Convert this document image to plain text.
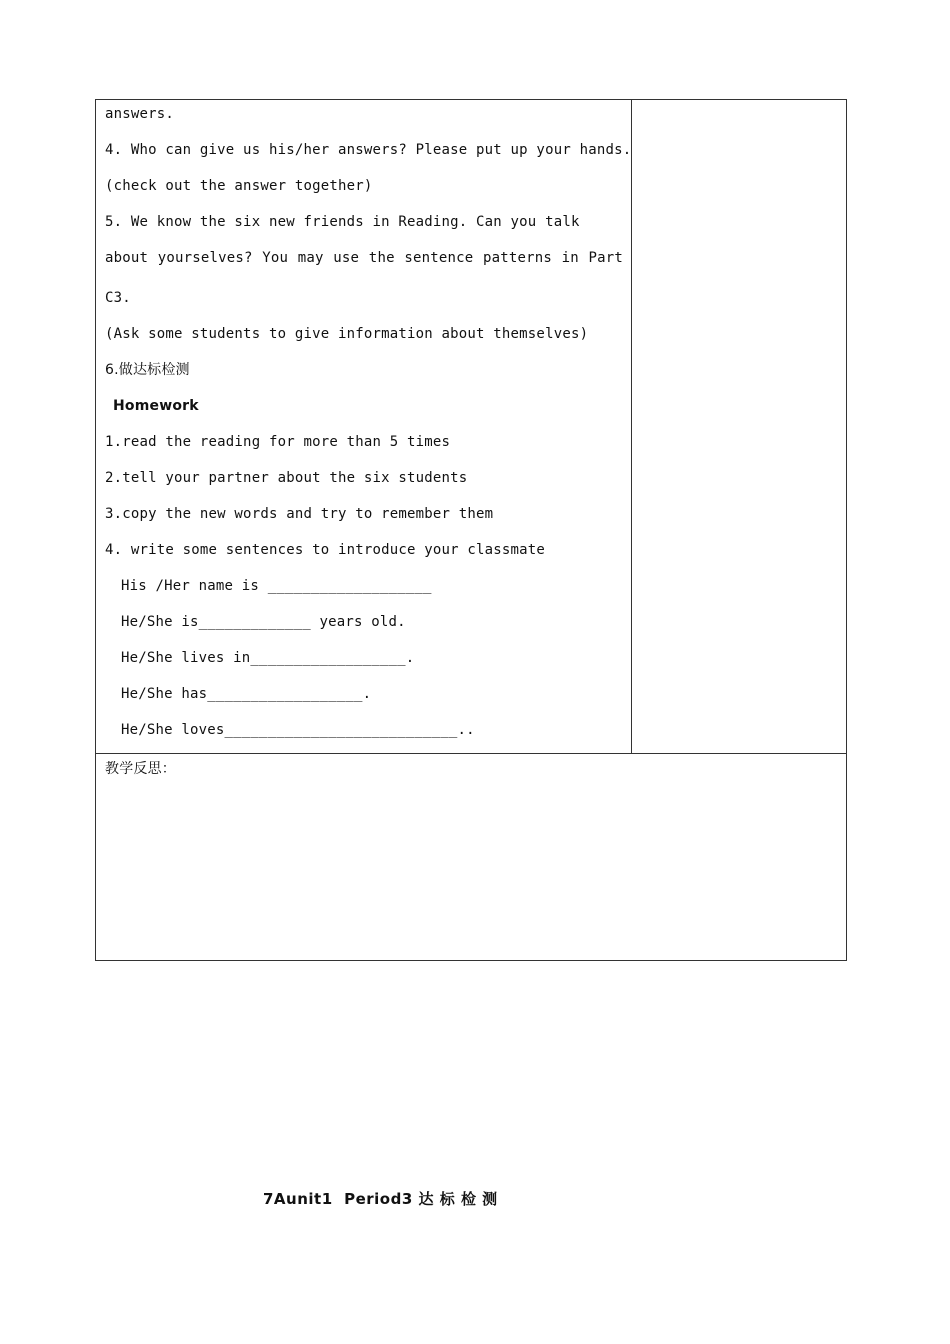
answers.
4. Who can give us his/her answers? Please put up your hands.
(check out the answer together)
5. We know the six new friends in Reading. Can you talk
about yourselves? You may use the sentence patterns in Part
C3.
(Ask some students to give information about themselves)
6.做达标检测
Homework
1.read the reading for more than 5 times
2.tell your partner about the six students
3.copy the new words and try to remember them
4. write some sentences to introduce your classmate
His /Her name is ___________________
He/She is_____________ years old.
He/She lives in__________________.
He/She has__________________.
He/She loves___________________________..
教学反思：
7Aunit1  Period3 达 标 检 测
